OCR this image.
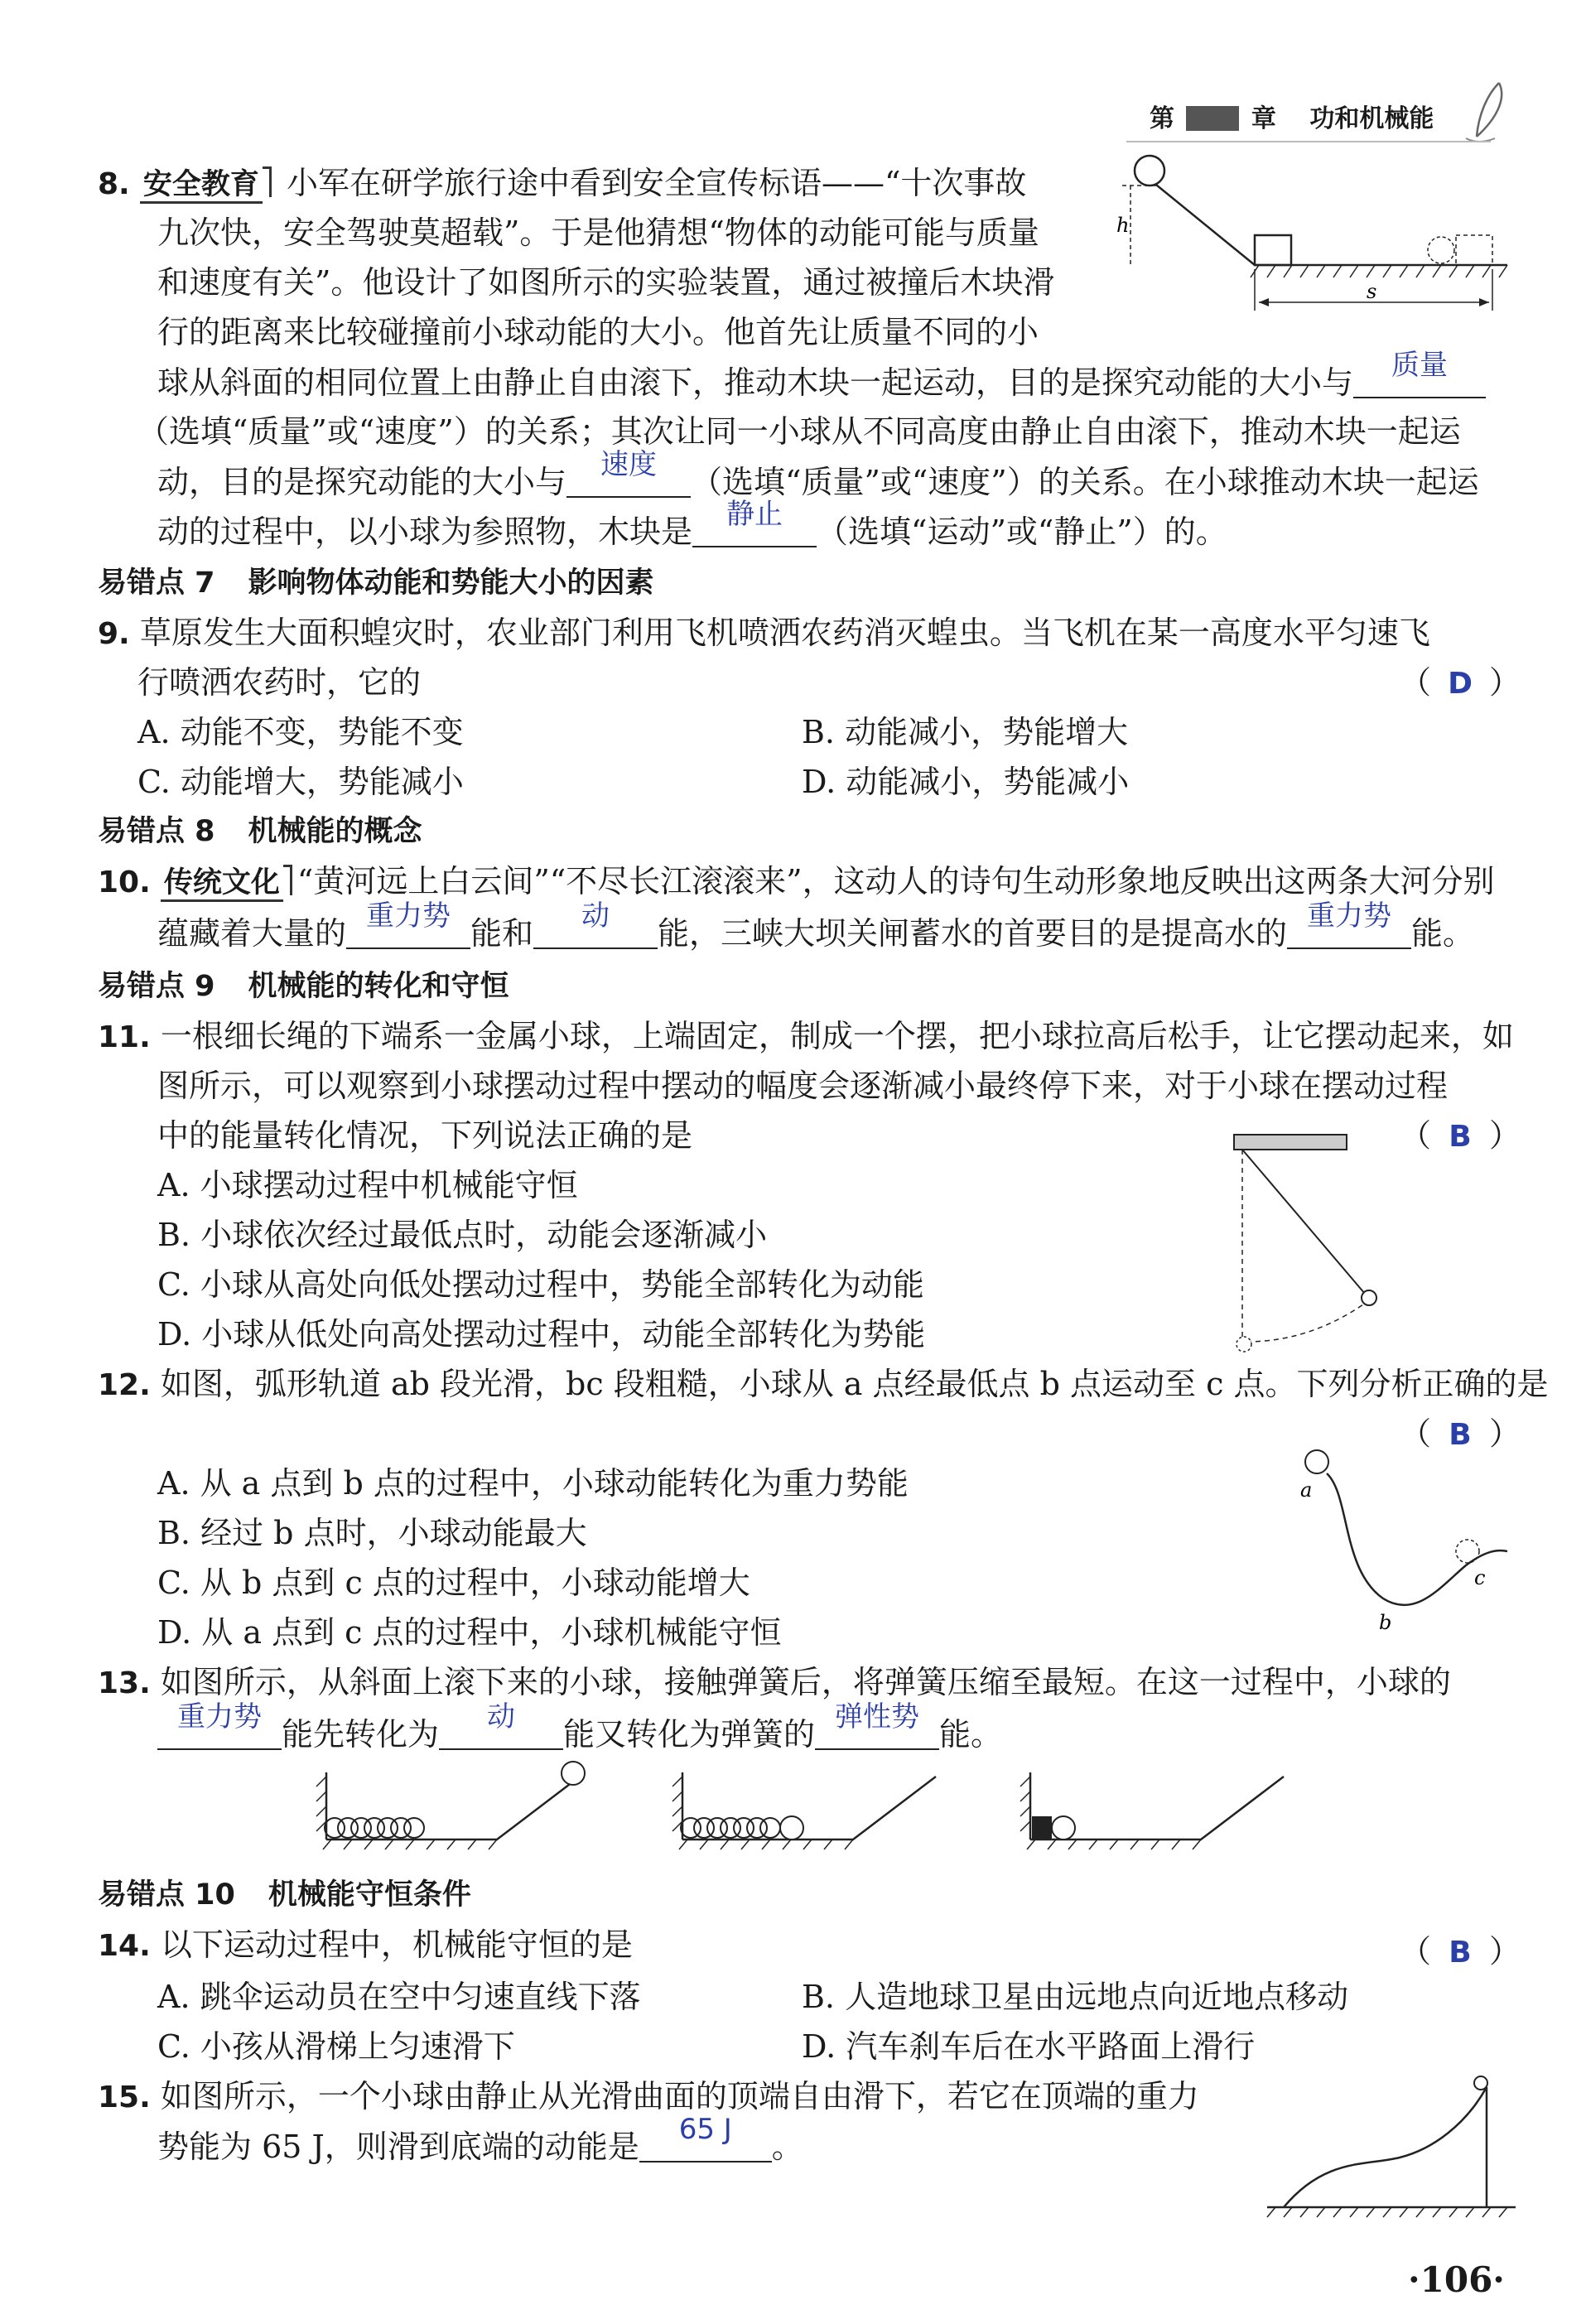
第	章 功和机械能
8. 安全教育 小军在研学旅行途中看到安全宣传标语——“十次事故
九次快，安全驾驶莫超载”。于是他猜想“物体的动能可能与质量
和速度有关”。他设计了如图所示的实验装置，通过被撞后木块滑
行的距离来比较碰撞前小球动能的大小。他首先让质量不同的小
球从斜面的相同位置上由静止自由滚下，推动木块一起运动，目的是探究动能的大小与	质量
（选填“质量”或“速度”）的关系；其次让同一小球从不同高度由静止自由滚下，推动木块一起运
动，目的是探究动能的大小与	速度	（选填“质量”或“速度”）的关系。在小球推动木块一起运
动的过程中，以小球为参照物，木块是	静止	（选填“运动”或“静止”）的。
h
s
易错点 7 影响物体动能和势能大小的因素
9. 草原发生大面积蝗灾时，农业部门利用飞机喷洒农药消灭蝗虫。当飞机在某一高度水平匀速飞
行喷洒农药时，它的	（ D ）
A. 动能不变，势能不变	B. 动能减小，势能增大
C. 动能增大，势能减小	D. 动能减小，势能减小
易错点 8 机械能的概念
10. 传统文化 “黄河远上白云间”“不尽长江滚滚来”，这动人的诗句生动形象地反映出这两条大河分别
蕴藏着大量的 重力势 能和	动	能，三峡大坝关闸蓄水的首要目的是提高水的 重力势 能。
易错点 9 机械能的转化和守恒
11. 一根细长绳的下端系一金属小球，上端固定，制成一个摆，把小球拉高后松手，让它摆动起来，如
图所示，可以观察到小球摆动过程中摆动的幅度会逐渐减小最终停下来，对于小球在摆动过程
中的能量转化情况，下列说法正确的是	（ B ）
A. 小球摆动过程中机械能守恒
B. 小球依次经过最低点时，动能会逐渐减小
C. 小球从高处向低处摆动过程中，势能全部转化为动能
D. 小球从低处向高处摆动过程中，动能全部转化为势能
12. 如图，弧形轨道 ab 段光滑，bc 段粗糙，小球从 a 点经最低点 b 点运动至 c 点。下列分析正确的是
（ B ）
A. 从 a 点到 b 点的过程中，小球动能转化为重力势能
B. 经过 b 点时，小球动能最大
C. 从 b 点到 c 点的过程中，小球动能增大
D. 从 a 点到 c 点的过程中，小球机械能守恒
a
c
b
13. 如图所示，从斜面上滚下来的小球，接触弹簧后，将弹簧压缩至最短。在这一过程中，小球的
重力势 能先转化为	动	能又转化为弹簧的 弹性势 能。
易错点 10 机械能守恒条件
14. 以下运动过程中，机械能守恒的是	（ B ）
A. 跳伞运动员在空中匀速直线下落	B. 人造地球卫星由远地点向近地点移动
C. 小孩从滑梯上匀速滑下	D. 汽车刹车后在水平路面上滑行
15. 如图所示，一个小球由静止从光滑曲面的顶端自由滑下，若它在顶端的重力
势能为 65 J，则滑到底端的动能是	65 J	。
·106·
